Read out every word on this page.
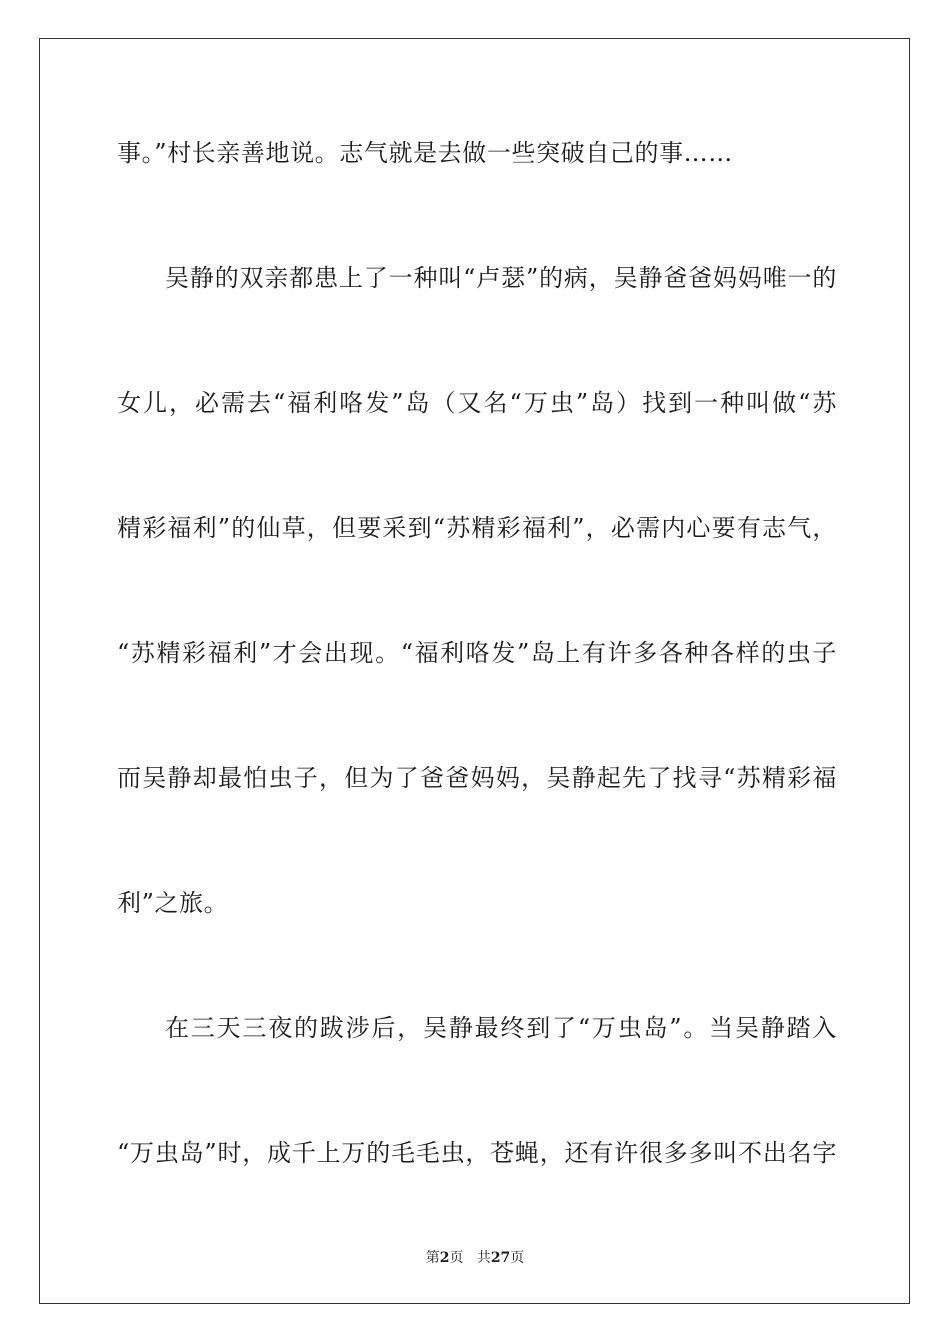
事。”村长亲善地说。志气就是去做一些突破自己的事……
吴静的双亲都患上了一种叫“卢瑟”的病，吴静爸爸妈妈唯一的
女儿，必需去“福利咯发”岛（又名“万虫”岛）找到一种叫做“苏
精彩福利”的仙草，但要采到“苏精彩福利”，必需内心要有志气，
“苏精彩福利”才会出现。“福利咯发”岛上有许多各种各样的虫子
而吴静却最怕虫子，但为了爸爸妈妈，吴静起先了找寻“苏精彩福
利”之旅。
在三天三夜的跋涉后，吴静最终到了“万虫岛”。当吴静踏入
“万虫岛”时，成千上万的毛毛虫，苍蝇，还有许很多多叫不出名字
第2页 共27页
